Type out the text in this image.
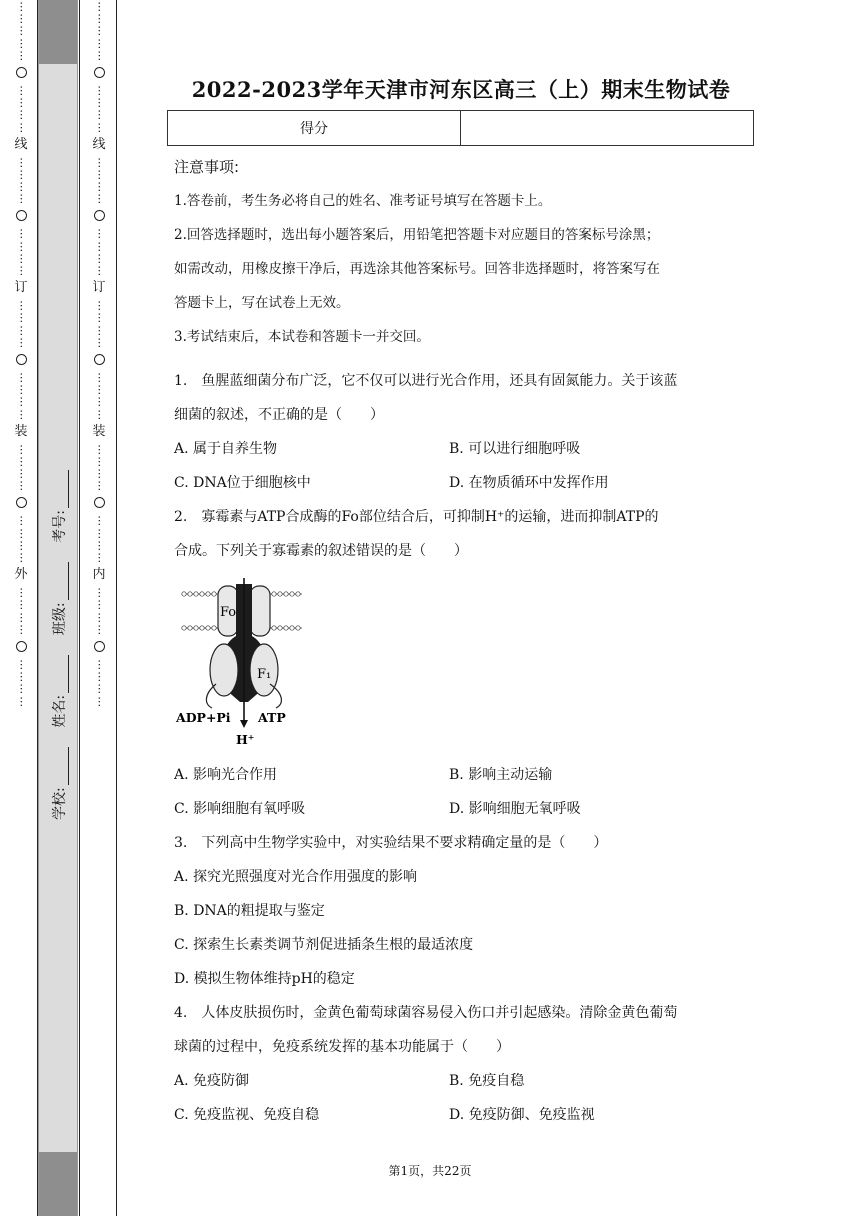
⋯
⋯
⋯
⋯
⋯
⋯
⋯
⋯
⋯
线
⋯
⋯
⋯
⋯
⋯
⋯
⋯
⋯
订
⋯
⋯
⋯
⋯
⋯
⋯
⋯
⋯
装
⋯
⋯
⋯
⋯
⋯
⋯
⋯
⋯
外
⋯
⋯
⋯
⋯
⋯
⋯
⋯
⋯
⋯
⋯
⋯
⋯
⋯
⋯
⋯
⋯
⋯
线
⋯
⋯
⋯
⋯
⋯
⋯
⋯
⋯
订
⋯
⋯
⋯
⋯
⋯
⋯
⋯
⋯
装
⋯
⋯
⋯
⋯
⋯
⋯
⋯
⋯
内
⋯
⋯
⋯
⋯
⋯
⋯
⋯
⋯
学校:
姓名:
班级:
考号:
2022-2023学年天津市河东区高三（上）期末生物试卷
得分
注意事项:
1.答卷前，考生务必将自己的姓名、准考证号填写在答题卡上。
2.回答选择题时，选出每小题答案后，用铅笔把答题卡对应题目的答案标号涂黑；
如需改动，用橡皮擦干净后，再选涂其他答案标号。回答非选择题时，将答案写在
答题卡上，写在试卷上无效。
3.考试结束后，本试卷和答题卡一并交回。
1.　鱼腥蓝细菌分布广泛，它不仅可以进行光合作用，还具有固氮能力。关于该蓝
细菌的叙述，不正确的是（　　）
A. 属于自养生物	B. 可以进行细胞呼吸
C. DNA位于细胞核中	D. 在物质循环中发挥作用
2.　寡霉素与ATP合成酶的Fo部位结合后，可抑制H⁺的运输，进而抑制ATP的
合成。下列关于寡霉素的叙述错误的是（　　）
Fo
F₁
ADP+Pi ATP
H⁺
A. 影响光合作用	B. 影响主动运输
C. 影响细胞有氧呼吸	D. 影响细胞无氧呼吸
3.　下列高中生物学实验中，对实验结果不要求精确定量的是（　　）
A. 探究光照强度对光合作用强度的影响
B. DNA的粗提取与鉴定
C. 探索生长素类调节剂促进插条生根的最适浓度
D. 模拟生物体维持pH的稳定
4.　人体皮肤损伤时，金黄色葡萄球菌容易侵入伤口并引起感染。清除金黄色葡萄
球菌的过程中，免疫系统发挥的基本功能属于（　　）
A. 免疫防御	B. 免疫自稳
C. 免疫监视、免疫自稳	D. 免疫防御、免疫监视
第1页，共22页
